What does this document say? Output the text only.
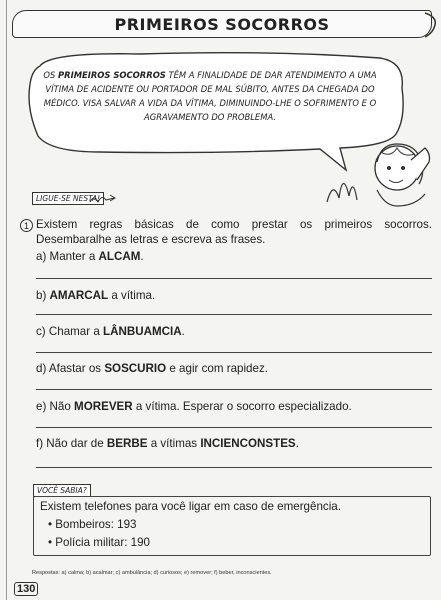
PRIMEIROS SOCORROS
OS PRIMEIROS SOCORROS TÊM A FINALIDADE DE DAR ATENDIMENTO A UMA VÍTIMA DE ACIDENTE OU PORTADOR DE MAL SÚBITO, ANTES DA CHEGADA DO MÉDICO. VISA SALVAR A VIDA DA VÍTIMA, DIMINUINDO-LHE O SOFRIMENTO E O AGRAVAMENTO DO PROBLEMA.
LIGUE-SE NESTA!
1 Existem regras básicas de como prestar os primeiros socorros. Desembaralhe as letras e escreva as frases.
a) Manter a ALCAM.
b) AMARCAL a vítima.
c) Chamar a LÂNBUAMCIA.
d) Afastar os SOSCURIO e agir com rapidez.
e) Não MOREVER a vítima. Esperar o socorro especializado.
f) Não dar de BERBE a vítimas INCIENCONSTES.
VOCÊ SABIA?
Existem telefones para você ligar em caso de emergência.
• Bombeiros: 193
• Polícia militar: 190
Respostas: a) calma; b) acalmar; c) ambulância; d) curiosos; e) remover; f) beber, inconscientes.
130
